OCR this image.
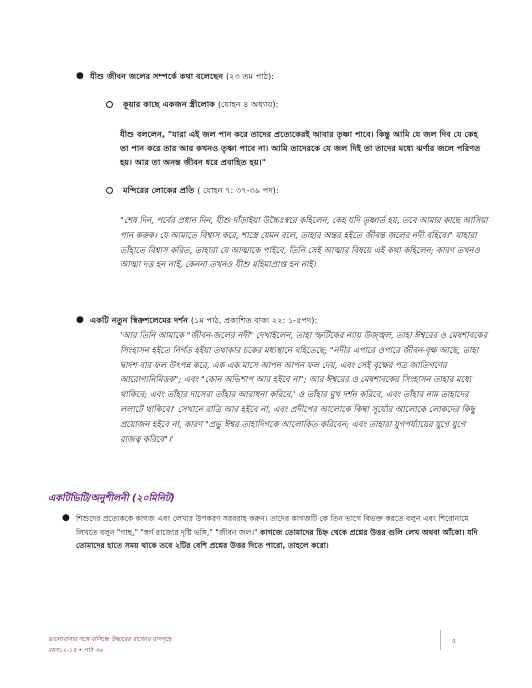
● যীশু জীবন জলের সম্পর্কে কথা বলেছেন (২৩ তম পাঠ):
কূয়ার কাছে একজন স্ত্রীলোক (যোহন ৪ অধ্যায়):
যীশু বললেন, "যারা এই জল পান করে তাদের প্রত্যেকেরই আবার তৃষ্ণা পাবে। কিন্তু আমি যে জল দিব যে কেহ তা পান করে তার আর কখনও তৃষ্ণা পাবে না। আমি তাদেরকে যে জল দিই তা তাদের মধ্যে ঝর্ণার জলে পরিণত হয়। আর তা অনন্ত জীবন ধরে প্রবাহিত হয়।"
মন্দিরের লোকের প্রতি ( যোহন ৭: ৩৭-৩৯ পদ):
"শেষ দিন, পর্বের প্রধান দিন, যীশু দাঁড়াইয়া উচ্চৈঃস্বরে কহিলেন, কেহ যদি তৃষ্ণার্ত হয়, তবে আমার কাছে আসিয়া পান করুক। যে আমাতে বিশ্বাস করে, শাস্ত্রে যেমন বলে, তাহার অন্তর হইতে জীবন্ত জলের নদী বহিবে।" যাহারা তাঁহাতে বিশ্বাস করিত, তাহারা যে আত্মাকে পাইবে, তিনি সেই আত্মার বিষয়ে এই কথা কহিলেন; কারণ তখনও আত্মা দত্ত হন নাই, কেননা তখনও যীশু মহিমাপ্রাপ্ত হন নাই।
● একটি নতুন স্বিক্রশলেমের দর্শন (১ম পাঠ, প্রকাশিত বাক্য ২২: ১-৫পদ):
'আর তিনি আমাকে "জীবন-জলের নদী" দেখাইলেন, তাহা স্ফটিকের ন্যায় উজ্জ্বল, তাহা ঈশ্বরের ও মেষশাবকের সিংহাসন হইতে নির্গত হইয়া তথাকার চকের মধ্যস্থানে বহিতেছে; "নদীর এপারে ওপারে জীবন-বৃক্ষ আছে, তাহা দ্বাদশ বার ফল উৎপন্ন করে, এক এক মাসে আপন আপন ফল দেয়, এবং সেই বৃক্ষের পত্র জাতিগণের আরোগ্যনিমিত্তক"; এবং "কোন অভিশাপ আর হইবে না"; আর ঈশ্বরের ও মেষশাবকের সিংহাসন তাহার মধ্যে থাকিবে; এবং তাঁহার দাসেরা তাঁহার আরাধনা করিবে,' ও তাঁহার মুখ দর্শন করিবে, এবং তাঁহার নাম তাহাদের ললাটে থাকিবে।' সেখানে রাত্রি আর হইবে না, এবং প্রদীপের আলোকে কিম্বা সূর্য্যের আলোকে লোকদের কিছু প্রয়োজন হইবে না, কারণ "প্রভু ঈশ্বর তাহাদিগকে আলোকিত করিবেন; এবং তাহারা যুগপর্য্যায়ের যুগে যুগে রাজত্ব করিবে"।'
একটিভিটি/অনুশীলনী (২০মিনিট)
● শিশুদের প্রত্যেককে কাগজ এবং লেখার উপকরণ সরবরাহ করুন। তাদের কাগজটি কে তিন ভাগে বিভক্ত করতে বলুন এবং শিরোনামে লিখতে বলুন "গাছ," "স্বর্গ রাজ্যের দৃষ্টি ভঙ্গি," "জীবন জল।" কাগজে তোমাদের চিহ্ন থেকে প্রশ্নের উত্তর গুলি লেখ অথবা আঁকো। যদি তোমাদের হাতে সময় থাকে তবে ২টির বেশি প্রশ্নের উত্তর দিতে পারো, তাহলে করো।
ভালোবাসার সঙ্গে বাসিন্ধে উদ্ধারের রাজ্যের বাসগৃহে
বয়স১২-১৪ • পাঠ ৩৬
৫
